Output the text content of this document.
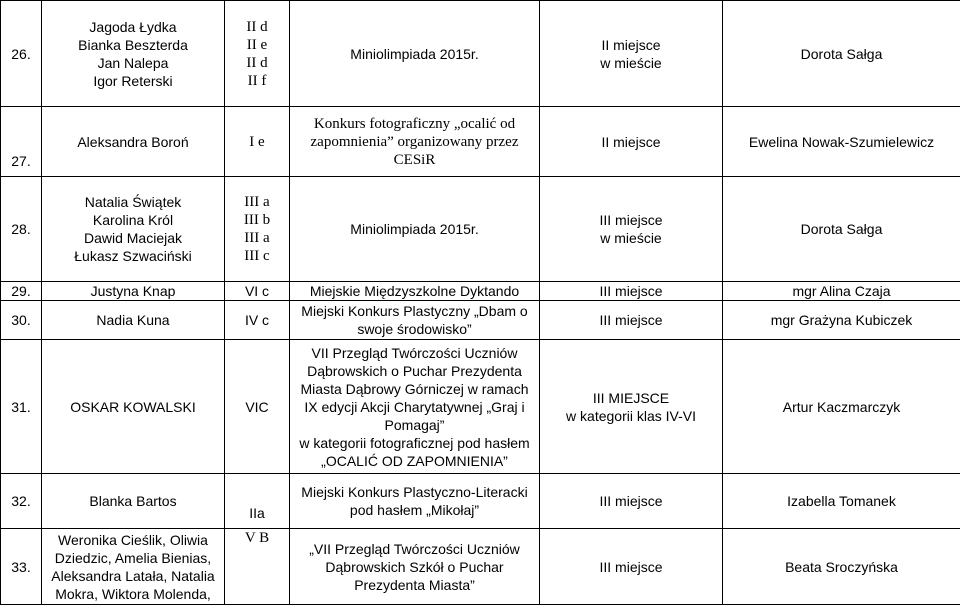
26.	Jagoda Łydka
Bianka Beszterda
Jan Nalepa
Igor Reterski	II d
II e
II d
II f	Miniolimpiada 2015r.	II miejsce
w mieście	Dorota Sałga
27.	Aleksandra Boroń	I e	Konkurs fotograficzny „ocalić od zapomnienia” organizowany przez CESiR	II miejsce	Ewelina Nowak-Szumielewicz
28.	Natalia Świątek
Karolina Król
Dawid Maciejak
Łukasz Szwaciński	III a
III b
III a
III c	Miniolimpiada 2015r.	III miejsce
w mieście	Dorota Sałga
29.	Justyna Knap	VI c	Miejskie Międzyszkolne Dyktando	III miejsce	mgr Alina Czaja
30.	Nadia Kuna	IV c	Miejski Konkurs Plastyczny „Dbam o swoje środowisko”	III miejsce	mgr Grażyna Kubiczek
31.	OSKAR KOWALSKI	VIC	VII Przegląd Twórczości Uczniów Dąbrowskich o Puchar Prezydenta Miasta Dąbrowy Górniczej w ramach IX edycji Akcji Charytatywnej „Graj i Pomagaj”
w kategorii fotograficznej pod hasłem
„OCALIĆ OD ZAPOMNIENIA”	III MIEJSCE
w kategorii klas IV-VI	Artur Kaczmarczyk
32.	Blanka Bartos	IIa	Miejski Konkurs Plastyczno-Literacki pod hasłem „Mikołaj”	III miejsce	Izabella Tomanek
33.	Weronika Cieślik, Oliwia Dziedzic, Amelia Bienias, Aleksandra Latała, Natalia Mokra, Wiktora Molenda,	V B	„VII Przegląd Twórczości Uczniów Dąbrowskich Szkół o Puchar Prezydenta Miasta”	III miejsce	Beata Sroczyńska
